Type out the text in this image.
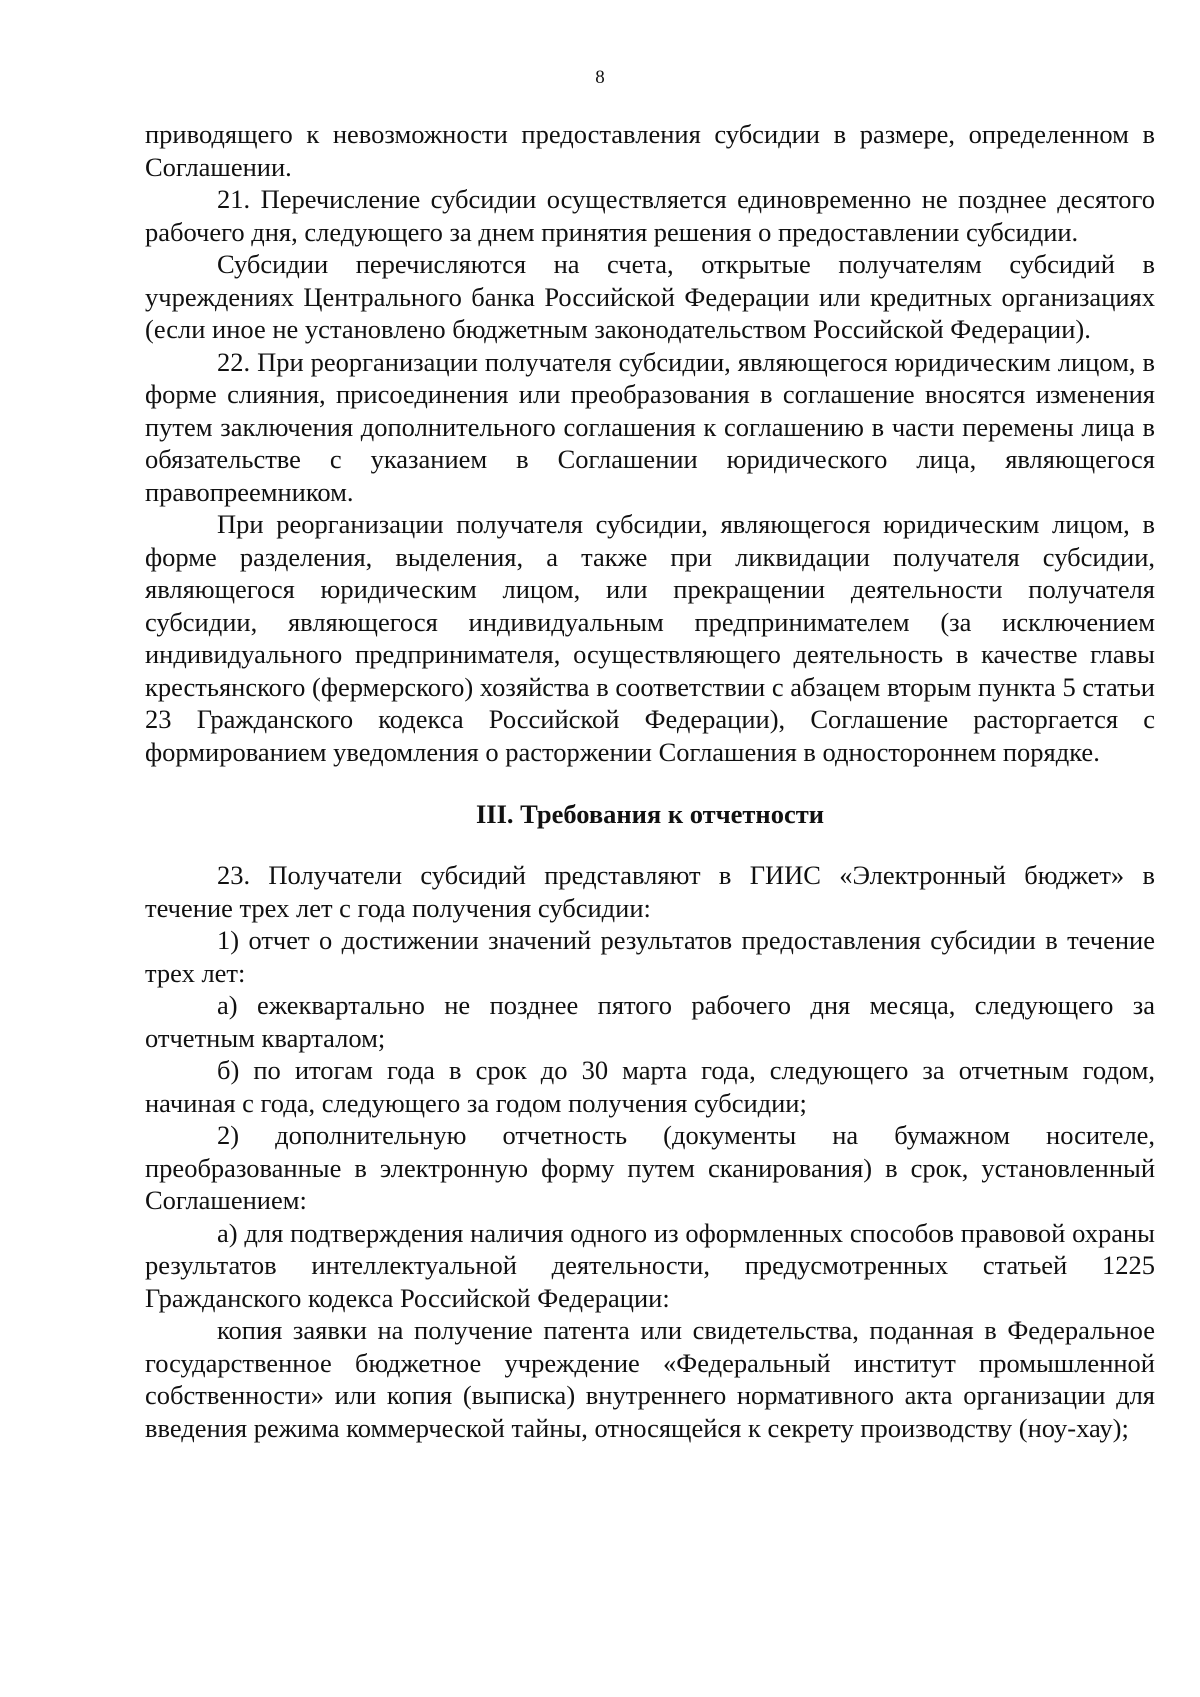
8

приводящего к невозможности предоставления субсидии в размере, определенном в Соглашении.

21. Перечисление субсидии осуществляется единовременно не позднее десятого рабочего дня, следующего за днем принятия решения о предоставлении субсидии.

Субсидии перечисляются на счета, открытые получателям субсидий в учреждениях Центрального банка Российской Федерации или кредитных организациях (если иное не установлено бюджетным законодательством Российской Федерации).

22. При реорганизации получателя субсидии, являющегося юридическим лицом, в форме слияния, присоединения или преобразования в соглашение вносятся изменения путем заключения дополнительного соглашения к соглашению в части перемены лица в обязательстве с указанием в Соглашении юридического лица, являющегося правопреемником.

При реорганизации получателя субсидии, являющегося юридическим лицом, в форме разделения, выделения, а также при ликвидации получателя субсидии, являющегося юридическим лицом, или прекращении деятельности получателя субсидии, являющегося индивидуальным предпринимателем (за исключением индивидуального предпринимателя, осуществляющего деятельность в качестве главы крестьянского (фермерского) хозяйства в соответствии с абзацем вторым пункта 5 статьи 23 Гражданского кодекса Российской Федерации), Соглашение расторгается с формированием уведомления о расторжении Соглашения в одностороннем порядке.

III. Требования к отчетности

23. Получатели субсидий представляют в ГИИС «Электронный бюджет» в течение трех лет с года получения субсидии:

1) отчет о достижении значений результатов предоставления субсидии в течение трех лет:

а) ежеквартально не позднее пятого рабочего дня месяца, следующего за отчетным кварталом;

б) по итогам года в срок до 30 марта года, следующего за отчетным годом, начиная с года, следующего за годом получения субсидии;

2) дополнительную отчетность (документы на бумажном носителе, преобразованные в электронную форму путем сканирования) в срок, установленный Соглашением:

а) для подтверждения наличия одного из оформленных способов правовой охраны результатов интеллектуальной деятельности, предусмотренных статьей 1225 Гражданского кодекса Российской Федерации:

копия заявки на получение патента или свидетельства, поданная в Федеральное государственное бюджетное учреждение «Федеральный институт промышленной собственности» или копия (выписка) внутреннего нормативного акта организации для введения режима коммерческой тайны, относящейся к секрету производству (ноу-хау);
